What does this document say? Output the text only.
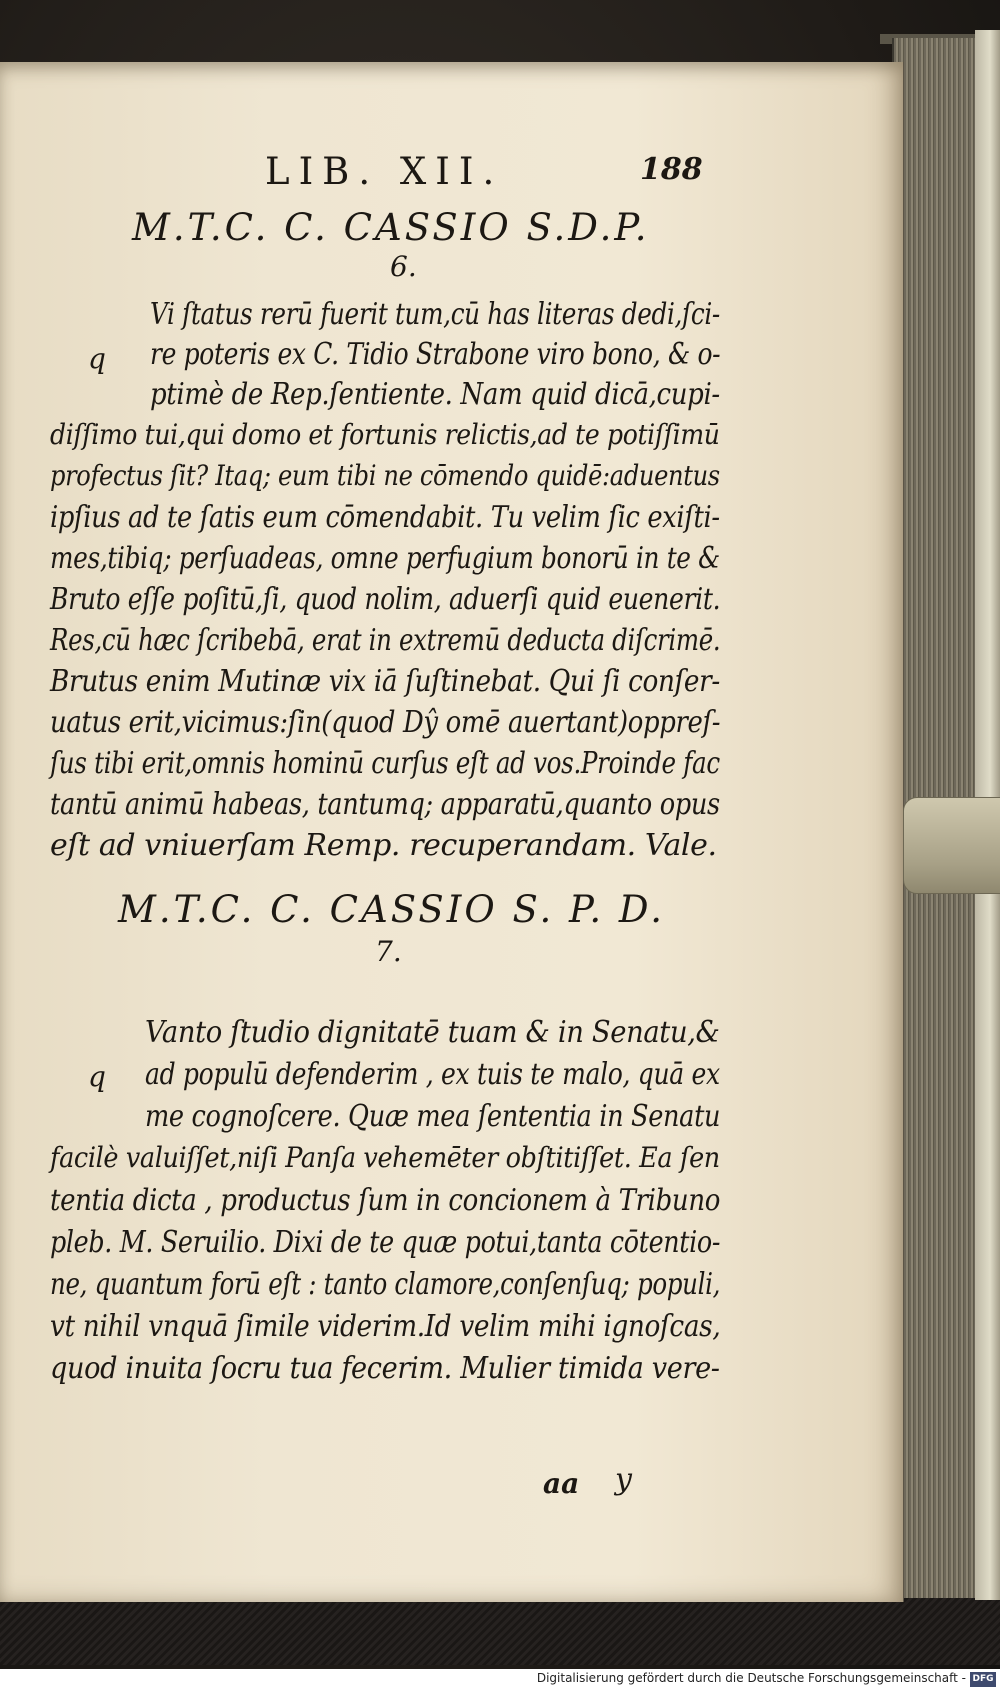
LIB. XII.	188
M.T.C. C. CASSIO S.D.P.
6.
q
Vi ſtatus rerū fuerit tum,cū has literas dedi,ſci-
re poteris ex C. Tidio Strabone viro bono, & o-
ptimè de Rep.ſentiente. Nam quid dicā,cupi-
diſſimo tui,qui domo et fortunis relictis,ad te potiſſimū
profectus ſit? Itaq; eum tibi ne cōmendo quidē:aduentus
ipſius ad te ſatis eum cōmendabit. Tu velim ſic exiſti-
mes,tibiq; perſuadeas, omne perfugium bonorū in te &
Bruto eſſe poſitū,ſi, quod nolim, aduerſi quid euenerit.
Res,cū hæc ſcribebā, erat in extremū deducta diſcrimē.
Brutus enim Mutinæ vix iā ſuſtinebat. Qui ſi conſer-
uatus erit,vicimus:ſin(quod Dŷ omē auertant)oppreſ-
ſus tibi erit,omnis hominū curſus eſt ad vos.Proinde fac
tantū animū habeas, tantumq; apparatū,quanto opus
eſt ad vniuerſam Remp. recuperandam. Vale.
M.T.C. C. CASSIO S. P. D.
7.
q
Vanto ſtudio dignitatē tuam & in Senatu,&
ad populū defenderim , ex tuis te malo, quā ex
me cognoſcere. Quæ mea ſententia in Senatu
facilè valuiſſet,niſi Panſa vehemēter obſtitiſſet. Ea ſen
tentia dicta , productus ſum in concionem à Tribuno
pleb. M. Seruilio. Dixi de te quæ potui,tanta cōtentio-
ne, quantum forū eſt : tanto clamore,conſenſuq; populi,
vt nihil vnquā ſimile viderim.Id velim mihi ignoſcas,
quod inuita ſocru tua fecerim. Mulier timida vere-
aa y
Digitalisierung gefördert durch die Deutsche Forschungsgemeinschaft - DFG
